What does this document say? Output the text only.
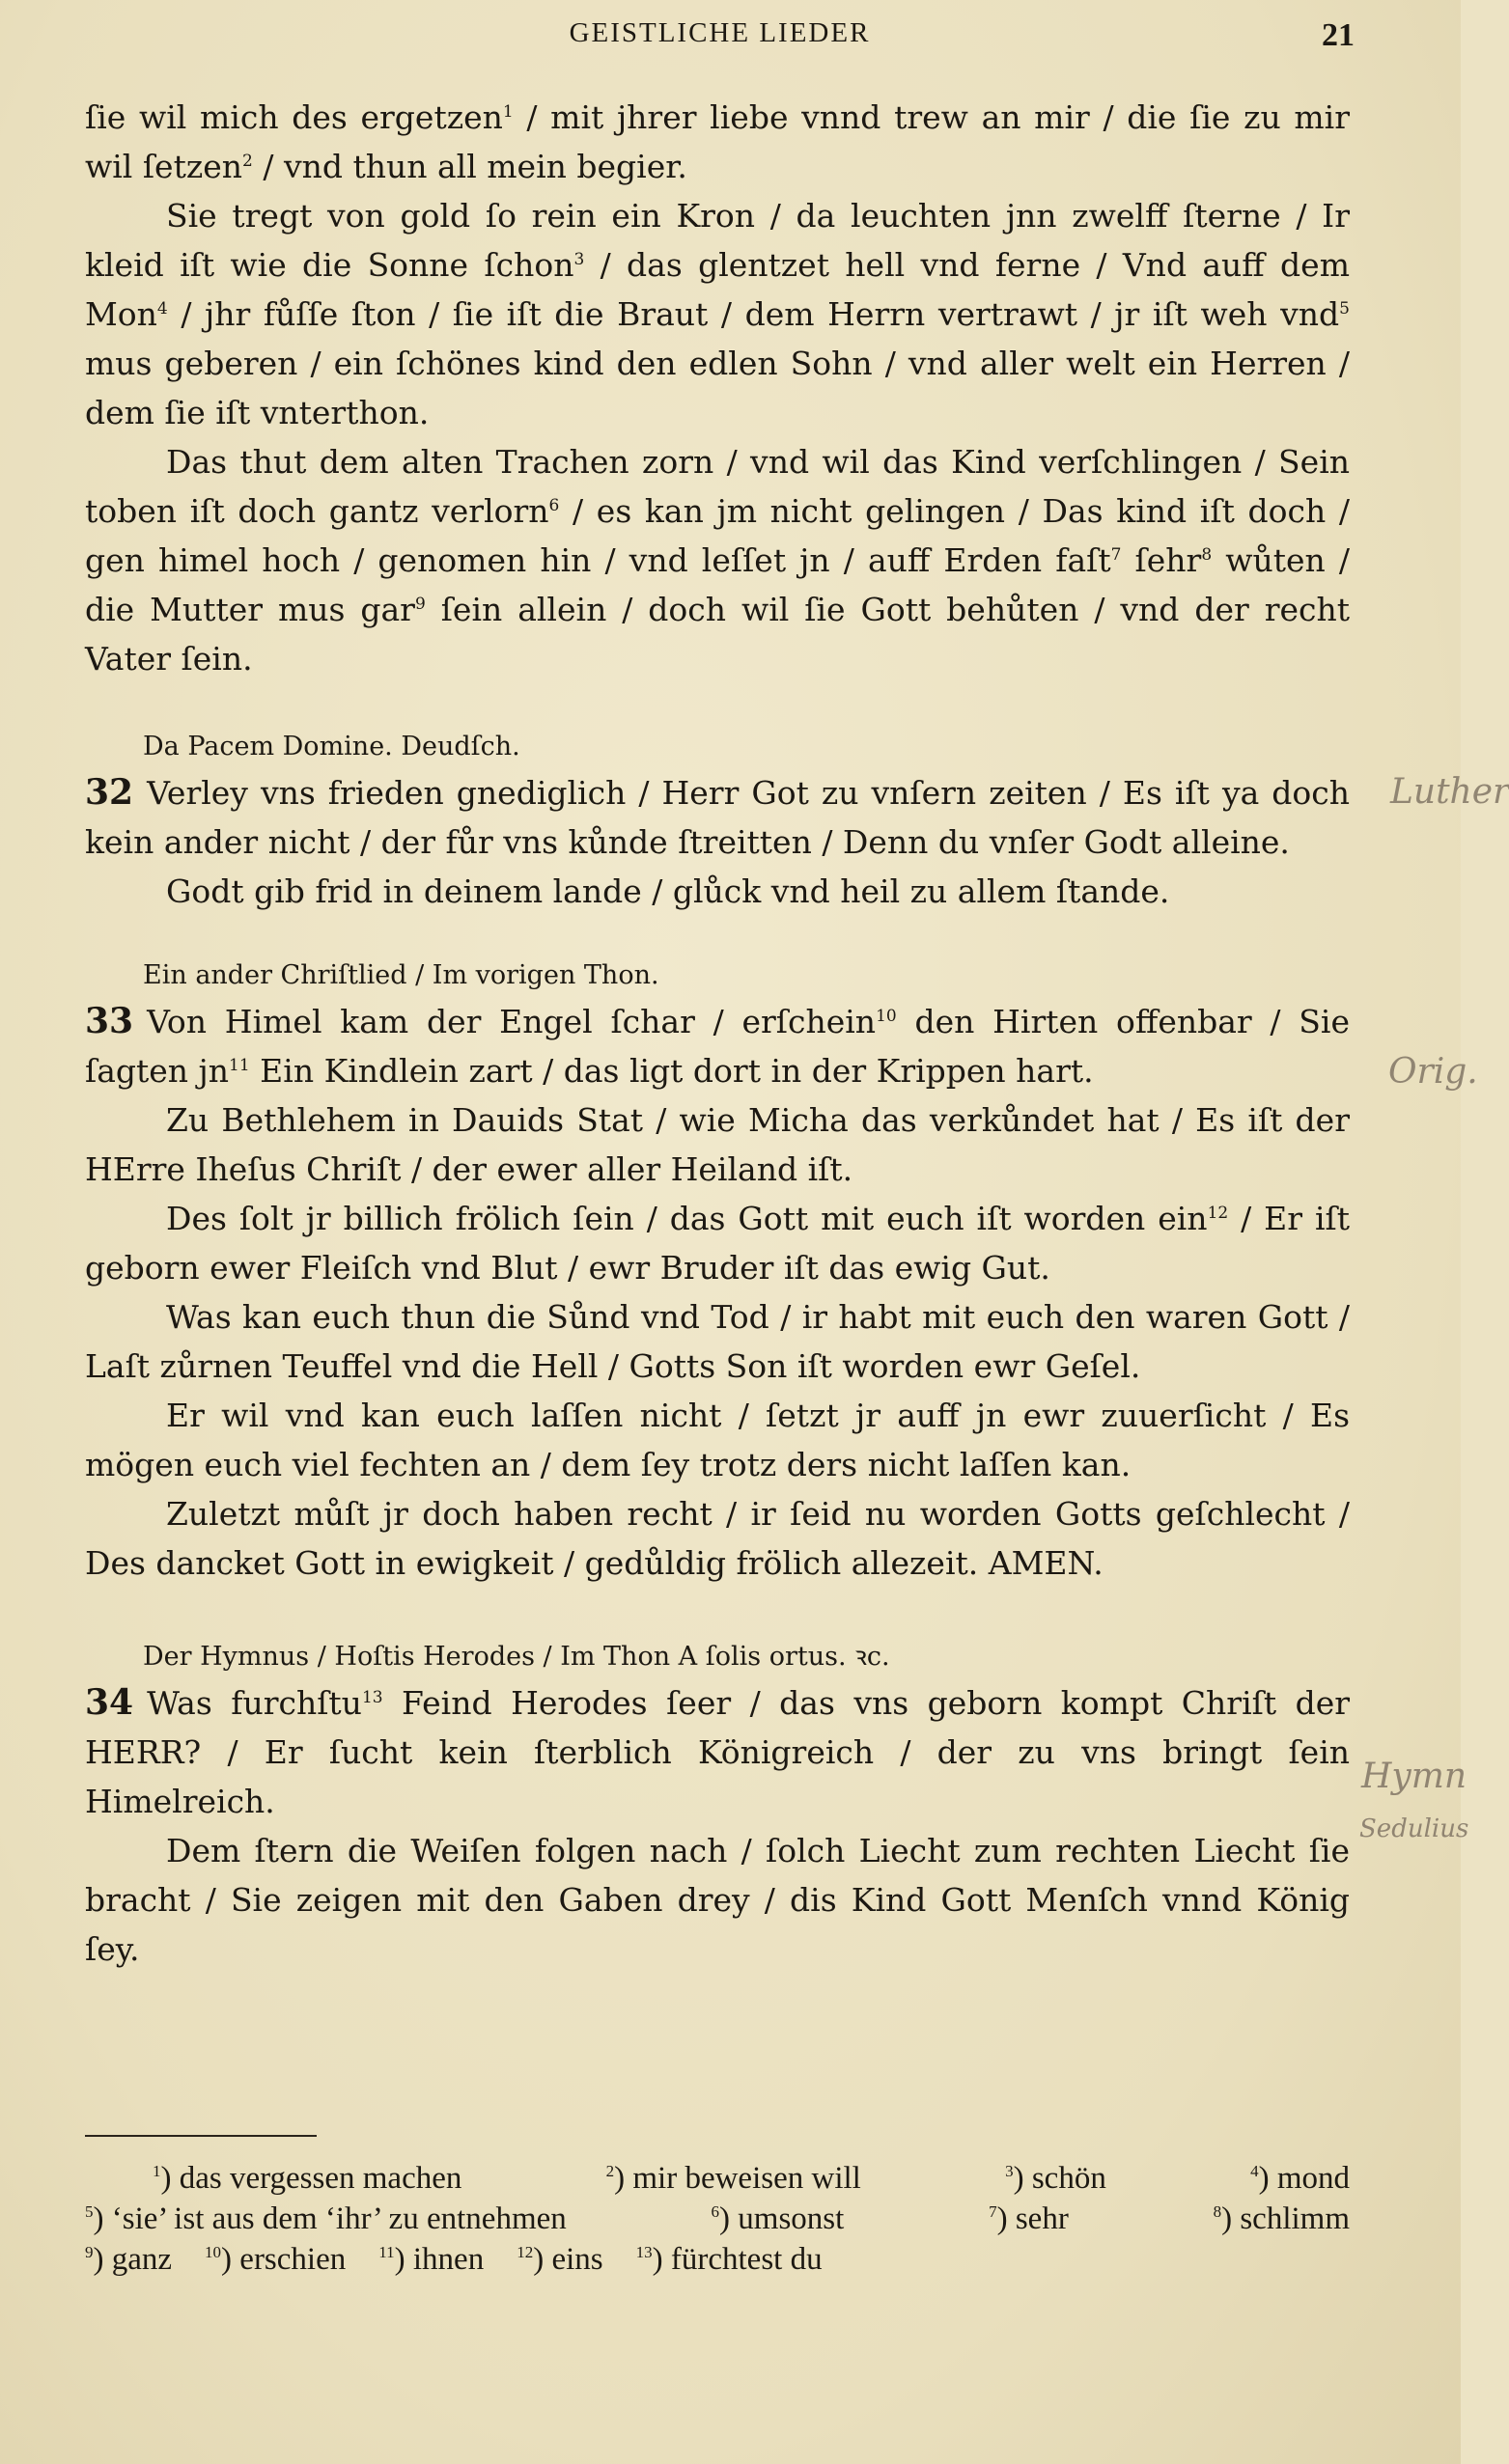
GEISTLICHE LIEDER	21

ſie wil mich des ergetzen$^1$ / mit jhrer liebe vnnd trew an mir / die ſie zu mir wil ſetzen$^2$ / vnd thun all mein begier.

Sie tregt von gold ſo rein ein Kron / da leuchten jnn zwelff ſterne / Ir kleid iſt wie die Sonne ſchon$^3$ / das glentzet hell vnd ferne / Vnd auff dem Mon$^4$ / jhr fůſſe ſton / ſie iſt die Braut / dem Herrn vertrawt / jr iſt weh vnd$^5$ mus geberen / ein ſchönes kind den edlen Sohn / vnd aller welt ein Herren / dem ſie iſt vnterthon.

Das thut dem alten Trachen zorn / vnd wil das Kind verſchlingen / Sein toben iſt doch gantz verlorn$^6$ / es kan jm nicht gelingen / Das kind iſt doch / gen himel hoch / genomen hin / vnd leſſet jn / auff Erden faſt$^7$ ſehr$^8$ wůten / die Mutter mus gar$^9$ ſein allein / doch wil ſie Gott behůten / vnd der recht Vater ſein.

Da Pacem Domine. Deudſch.

32 Verley vns frieden gnediglich / Herr Got zu vnſern zeiten / Es iſt ya doch kein ander nicht / der fůr vns kůnde ſtreitten / Denn du vnſer Godt alleine.

Godt gib frid in deinem lande / glůck vnd heil zu allem ſtande.

Ein ander Chriſtlied / Im vorigen Thon.

33 Von Himel kam der Engel ſchar / erſchein$^{10}$ den Hirten offenbar / Sie ſagten $jn^{11}$ Ein Kindlein zart / das ligt dort in der Krippen hart.

Zu Bethlehem in Dauids Stat / wie Micha das verkůndet hat / Es iſt der HErre Iheſus Chriſt / der ewer aller Heiland iſt.

Des ſolt jr billich frölich ſein / das Gott mit euch iſt worden ein$^{12}$ / Er iſt geborn ewer Fleiſch vnd Blut / ewr Bruder iſt das ewig Gut.

Was kan euch thun die Sůnd vnd Tod / ir habt mit euch den waren Gott / Laſt zůrnen Teuffel vnd die Hell / Gotts Son iſt worden ewr Geſel.

Er wil vnd kan euch laſſen nicht / ſetzt jr auff jn ewr zuuerſicht / Es mögen euch viel fechten an / dem ſey trotz ders nicht laſſen kan.

Zuletzt můſt jr doch haben recht / ir ſeid nu worden Gotts geſchlecht / Des dancket Gott in ewigkeit / gedůldig frölich allezeit. AMEN.

Der Hymnus / Hoſtis Herodes / Im Thon A ſolis ortus. ꝛc.

34 Was furchſtu$^{13}$ Feind Herodes ſeer / das vns geborn kompt Chriſt der HERR? / Er ſucht kein ſterblich Königreich / der zu vns bringt ſein Himelreich.

Dem ſtern die Weiſen folgen nach / ſolch Liecht zum rechten Liecht ſie bracht / Sie zeigen mit den Gaben drey / dis Kind Gott Menſch vnnd König ſey.

Luther
Orig.
Hymn
Sedulius
$^1$) das vergessen machen	$^2$) mir beweisen will	$^3$) schön	$^4$) mond
$^5$) ‘sie’ ist aus dem ‘ihr’ zu entnehmen	$^6$) umsonst	$^7$) sehr	$^8$) schlimm
$^9$) ganz $^{10}$) erschien $^{11}$) ihnen $^{12}$) eins $^{13}$) fürchtest du
